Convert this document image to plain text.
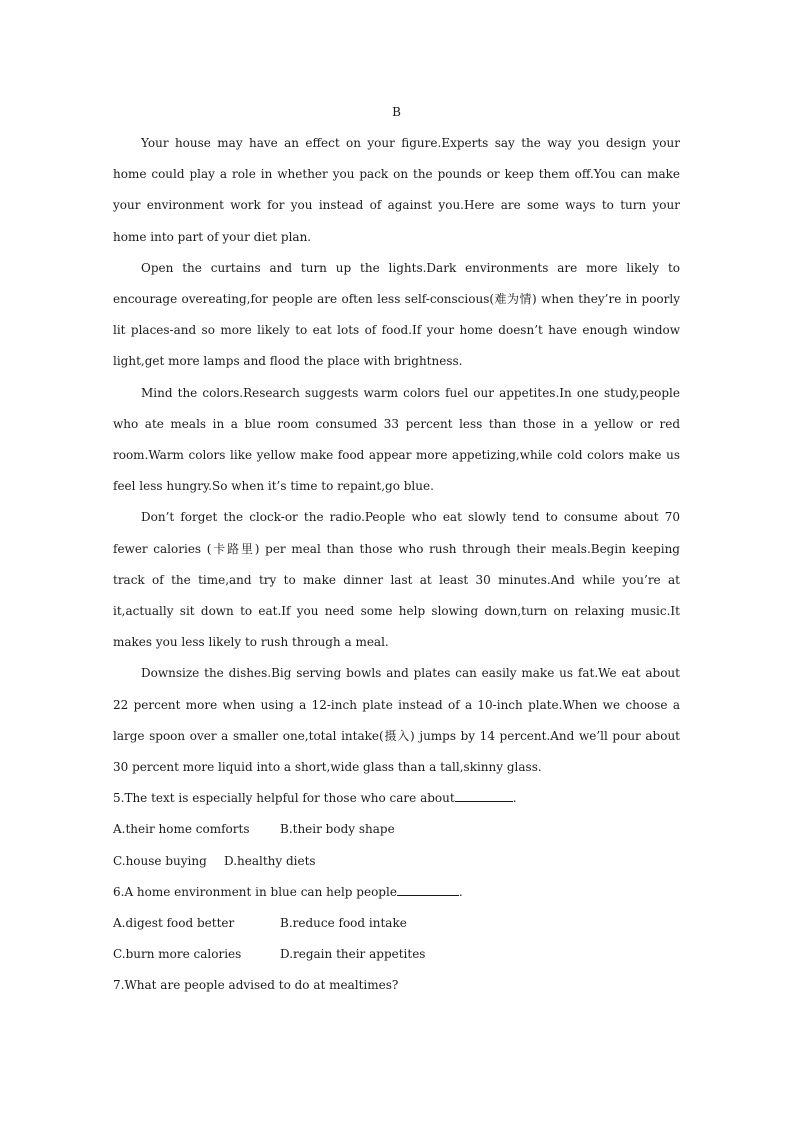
B

Your house may have an effect on your figure.Experts say the way you design your home could play a role in whether you pack on the pounds or keep them off.You can make your environment work for you instead of against you.Here are some ways to turn your home into part of your diet plan.

Open the curtains and turn up the lights.Dark environments are more likely to encourage overeating,for people are often less self-conscious(难为情) when they’re in poorly lit places-and so more likely to eat lots of food.If your home doesn’t have enough window light,get more lamps and flood the place with brightness.

Mind the colors.Research suggests warm colors fuel our appetites.In one study,people who ate meals in a blue room consumed 33 percent less than those in a yellow or red room.Warm colors like yellow make food appear more appetizing,while cold colors make us feel less hungry.So when it’s time to repaint,go blue.

Don’t forget the clock-or the radio.People who eat slowly tend to consume about 70 fewer calories (卡路里) per meal than those who rush through their meals.Begin keeping track of the time,and try to make dinner last at least 30 minutes.And while you’re at it,actually sit down to eat.If you need some help slowing down,turn on relaxing music.It makes you less likely to rush through a meal.

Downsize the dishes.Big serving bowls and plates can easily make us fat.We eat about 22 percent more when using a 12-inch plate instead of a 10-inch plate.When we choose a large spoon over a smaller one,total intake(摄入) jumps by 14 percent.And we’ll pour about 30 percent more liquid into a short,wide glass than a tall,skinny glass.

5.The text is especially helpful for those who care about	.

A.their home comforts	B.their body shape

C.house buying D.healthy diets

6.A home environment in blue can help people	.

A.digest food better	B.reduce food intake

C.burn more calories	D.regain their appetites

7.What are people advised to do at mealtimes?
